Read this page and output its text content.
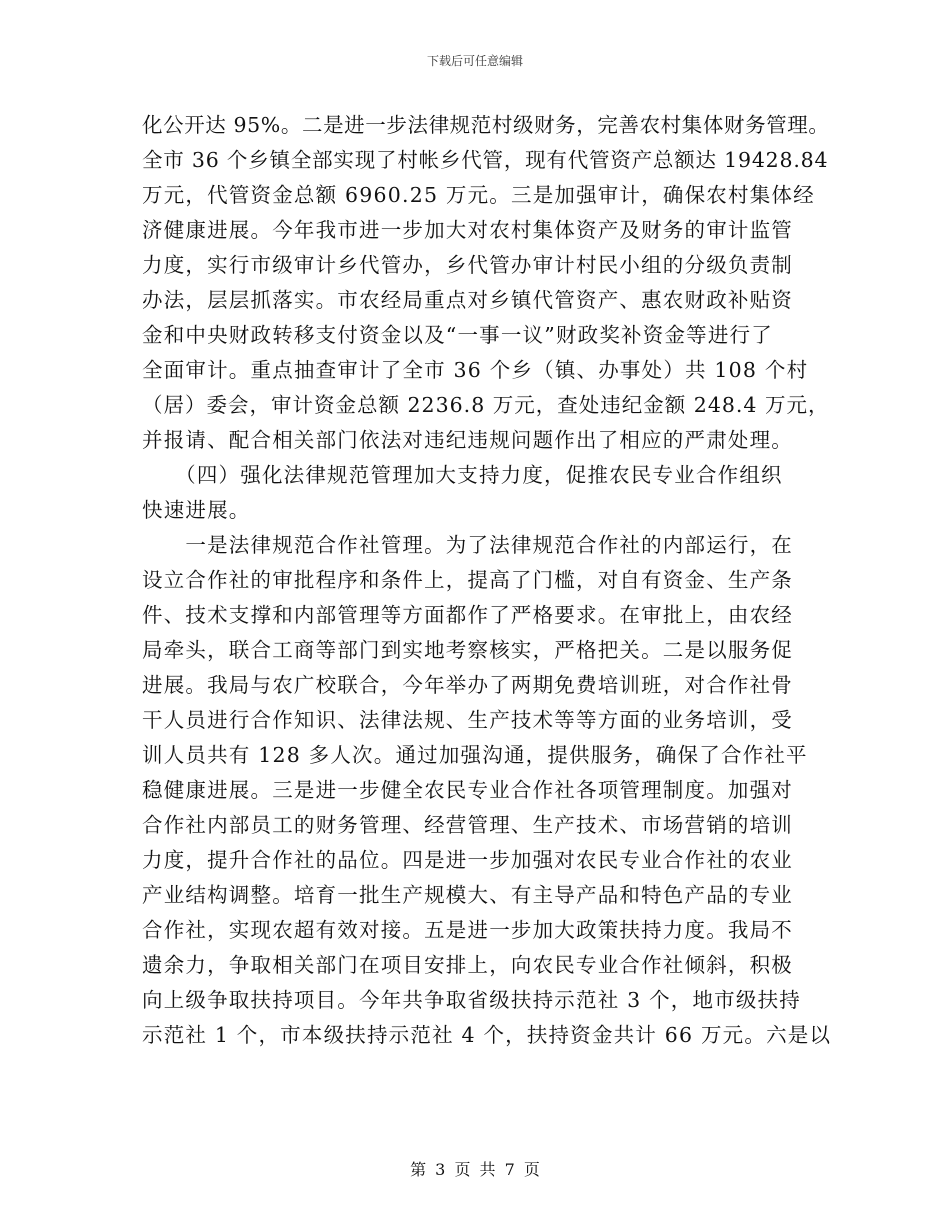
下载后可任意编辑
化公开达 95%。二是进一步法律规范村级财务，完善农村集体财务管理。
全市 36 个乡镇全部实现了村帐乡代管，现有代管资产总额达 19428.84
万元，代管资金总额 6960.25 万元。三是加强审计，确保农村集体经
济健康进展。今年我市进一步加大对农村集体资产及财务的审计监管
力度，实行市级审计乡代管办，乡代管办审计村民小组的分级负责制
办法，层层抓落实。市农经局重点对乡镇代管资产、惠农财政补贴资
金和中央财政转移支付资金以及“一事一议”财政奖补资金等进行了
全面审计。重点抽查审计了全市 36 个乡（镇、办事处）共 108 个村
（居）委会，审计资金总额 2236.8 万元，查处违纪金额 248.4 万元，
并报请、配合相关部门依法对违纪违规问题作出了相应的严肃处理。
　　（四）强化法律规范管理加大支持力度，促推农民专业合作组织
快速进展。
　　一是法律规范合作社管理。为了法律规范合作社的内部运行，在
设立合作社的审批程序和条件上，提高了门槛，对自有资金、生产条
件、技术支撑和内部管理等方面都作了严格要求。在审批上，由农经
局牵头，联合工商等部门到实地考察核实，严格把关。二是以服务促
进展。我局与农广校联合，今年举办了两期免费培训班，对合作社骨
干人员进行合作知识、法律法规、生产技术等等方面的业务培训，受
训人员共有 128 多人次。通过加强沟通，提供服务，确保了合作社平
稳健康进展。三是进一步健全农民专业合作社各项管理制度。加强对
合作社内部员工的财务管理、经营管理、生产技术、市场营销的培训
力度，提升合作社的品位。四是进一步加强对农民专业合作社的农业
产业结构调整。培育一批生产规模大、有主导产品和特色产品的专业
合作社，实现农超有效对接。五是进一步加大政策扶持力度。我局不
遗余力，争取相关部门在项目安排上，向农民专业合作社倾斜，积极
向上级争取扶持项目。今年共争取省级扶持示范社 3 个，地市级扶持
示范社 1 个，市本级扶持示范社 4 个，扶持资金共计 66 万元。六是以
第 3 页 共 7 页
